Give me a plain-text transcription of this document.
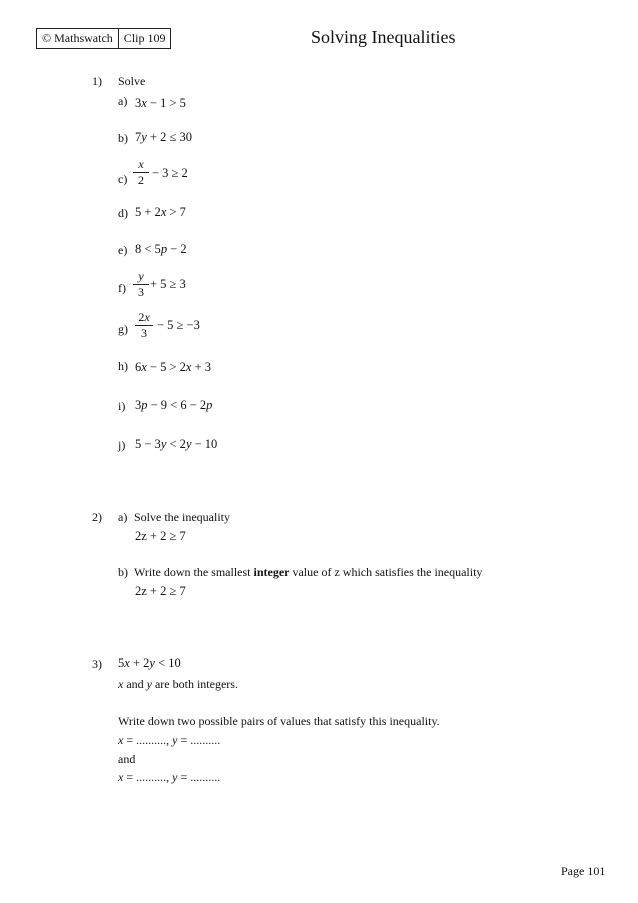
© Mathswatch Clip 109	Solving Inequalities
1) Solve
a) 3x − 1 > 5
b) 7y + 2 ≤ 30
$c) \frac{x}{2} - 3 \ge 2$
d) 5 + 2x > 7
e) 8 < 5p − 2
$f) \frac{y}{3} + 5 \ge 3$
$g) \frac{2x}{3} - 5 \ge -3$
h) 6x − 5 > 2x + 3
i) 3p − 9 < 6 − 2p
j) 5 − 3y < 2y − 10
2) a) Solve the inequality
2z + 2 ≥ 7
b) Write down the smallest integer value of z which satisfies the inequality
2z + 2 ≥ 7
3) 5x + 2y < 10
x and y are both integers.
Write down two possible pairs of values that satisfy this inequality.
x = .........., y = ..........
and
x = .........., y = ..........
Page 101
